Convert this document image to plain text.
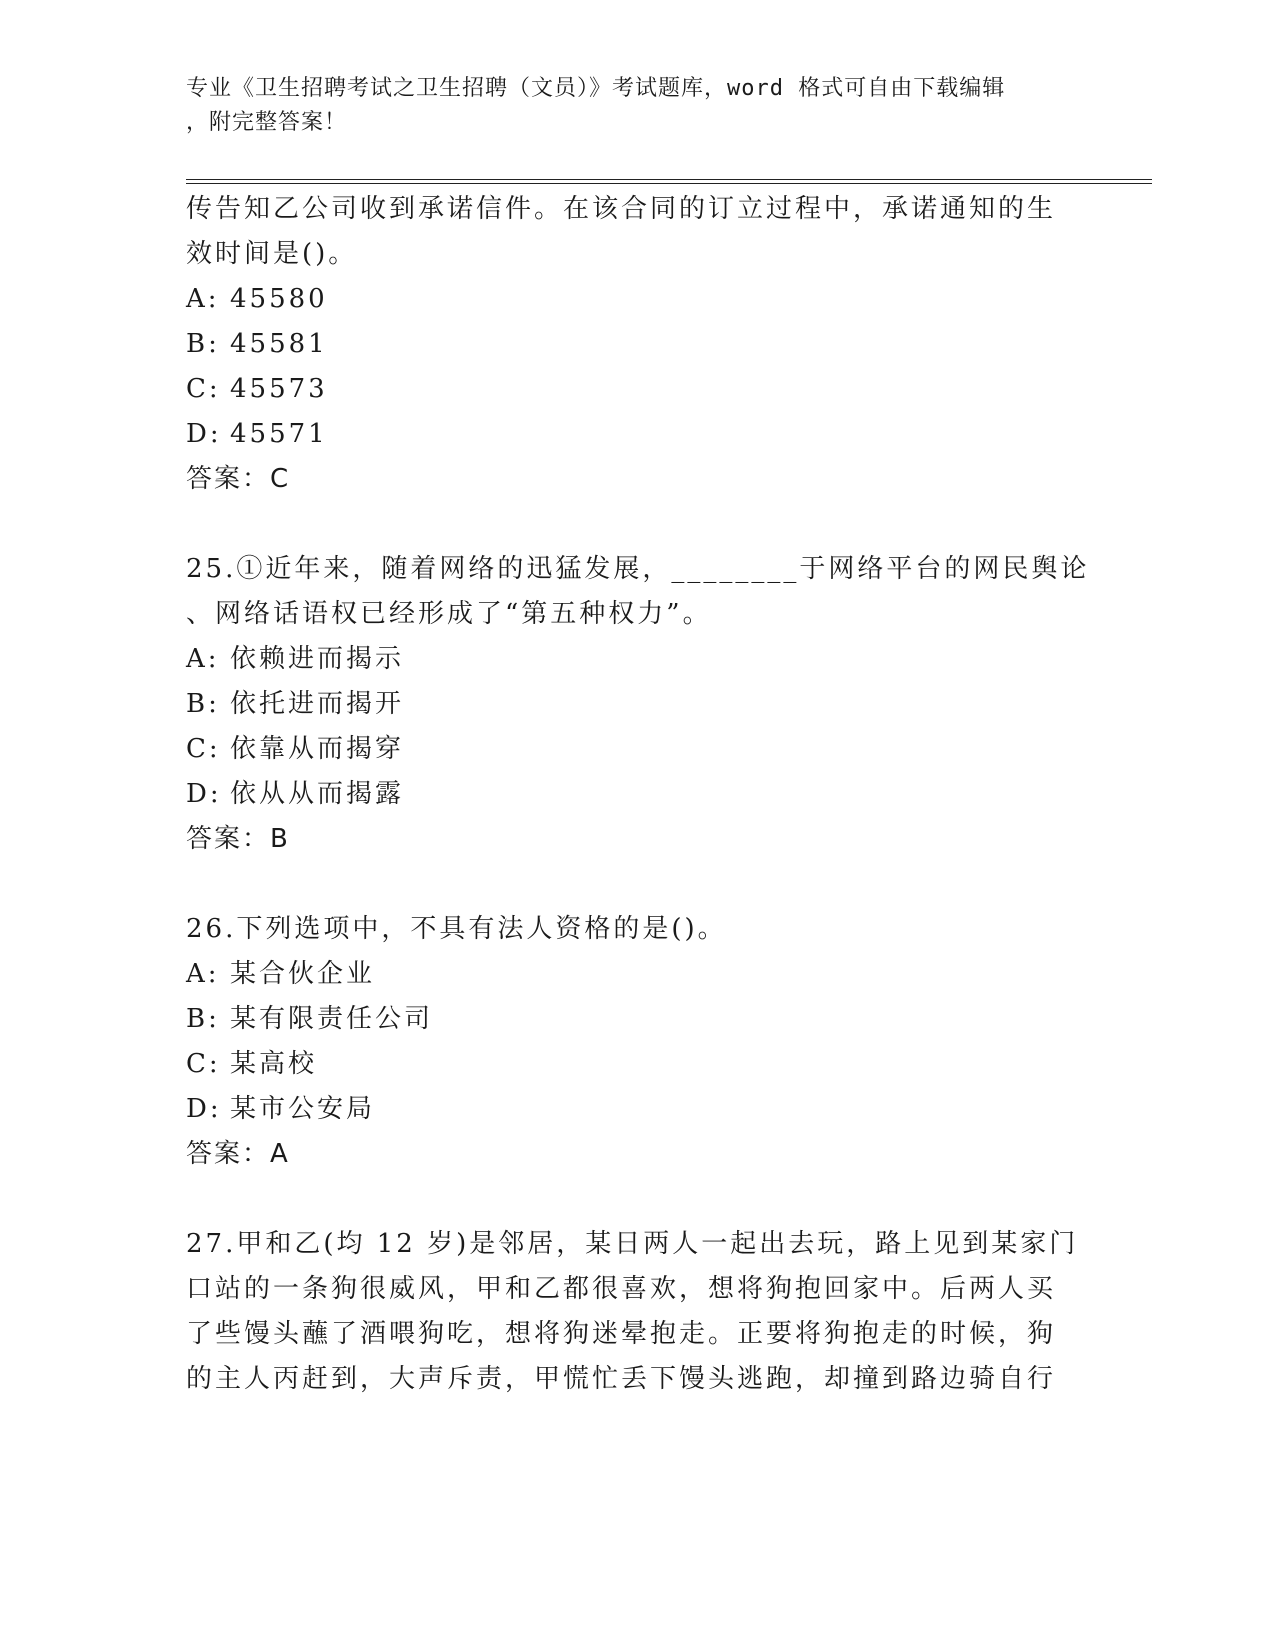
专业《卫生招聘考试之卫生招聘（文员）》考试题库，word 格式可自由下载编辑
，附完整答案！
传告知乙公司收到承诺信件。在该合同的订立过程中，承诺通知的生
效时间是()。
A: 45580
B: 45581
C: 45573
D: 45571
答案：C
25.①近年来，随着网络的迅猛发展，________于网络平台的网民舆论
、网络话语权已经形成了“第五种权力”。
A: 依赖进而揭示
B: 依托进而揭开
C: 依靠从而揭穿
D: 依从从而揭露
答案：B
26.下列选项中，不具有法人资格的是()。
A: 某合伙企业
B: 某有限责任公司
C: 某高校
D: 某市公安局
答案：A
27.甲和乙(均 12 岁)是邻居，某日两人一起出去玩，路上见到某家门
口站的一条狗很威风，甲和乙都很喜欢，想将狗抱回家中。后两人买
了些馒头蘸了酒喂狗吃，想将狗迷晕抱走。正要将狗抱走的时候，狗
的主人丙赶到，大声斥责，甲慌忙丢下馒头逃跑，却撞到路边骑自行
